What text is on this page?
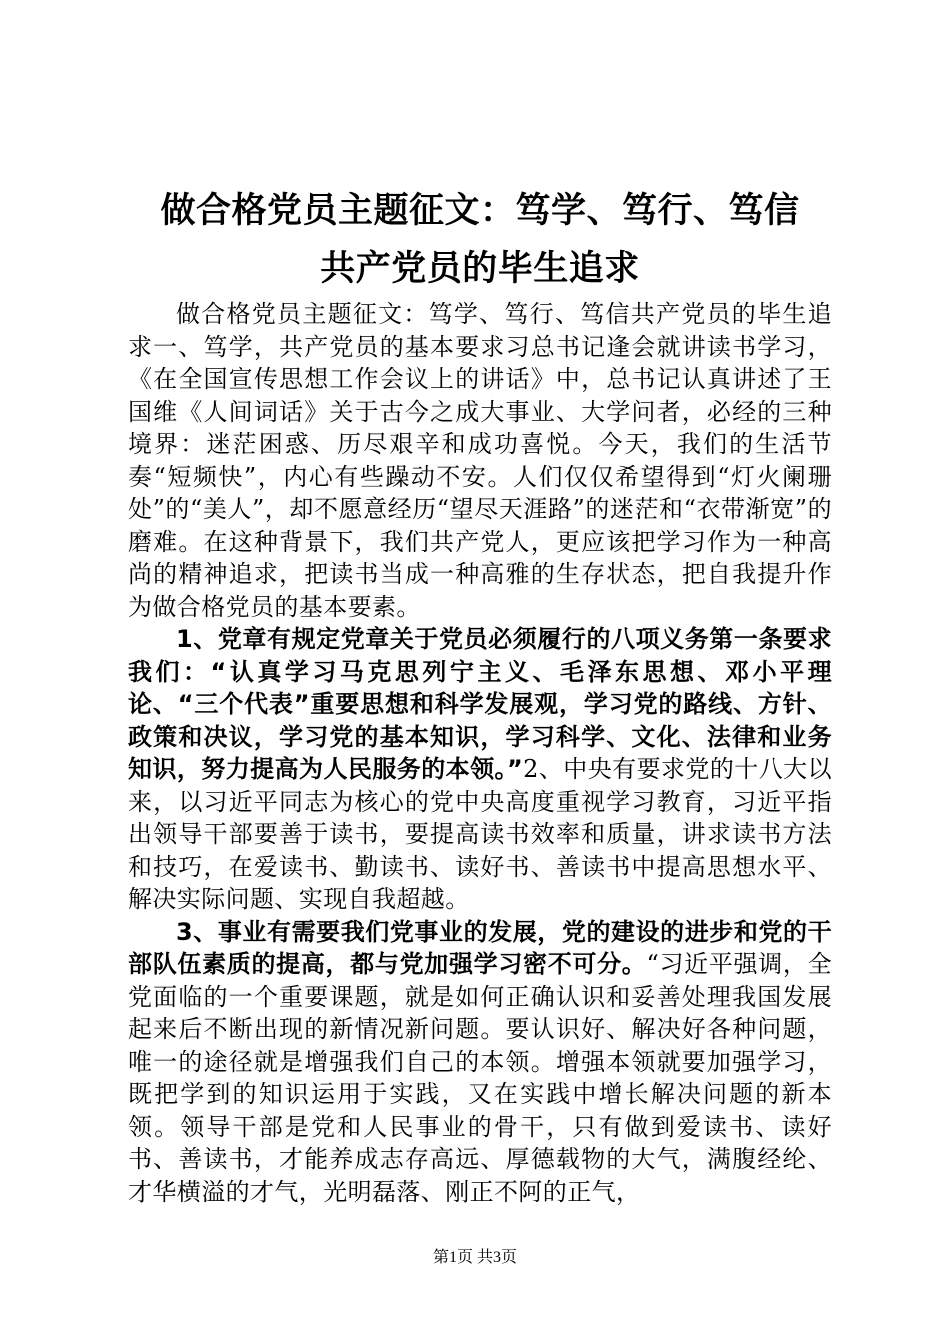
做合格党员主题征文：笃学、笃行、笃信　共产党员的毕生追求

做合格党员主题征文：笃学、笃行、笃信共产党员的毕生追求一、笃学，共产党员的基本要求习总书记逢会就讲读书学习，《在全国宣传思想工作会议上的讲话》中，总书记认真讲述了王国维《人间词话》关于古今之成大事业、大学问者，必经的三种境界：迷茫困惑、历尽艰辛和成功喜悦。今天，我们的生活节奏“短频快”，内心有些躁动不安。人们仅仅希望得到“灯火阑珊处”的“美人”，却不愿意经历“望尽天涯路”的迷茫和“衣带渐宽”的磨难。在这种背景下，我们共产党人，更应该把学习作为一种高尚的精神追求，把读书当成一种高雅的生存状态，把自我提升作为做合格党员的基本要素。

1、党章有规定党章关于党员必须履行的八项义务第一条要求我们：“认真学习马克思列宁主义、毛泽东思想、邓小平理论、“三个代表”重要思想和科学发展观，学习党的路线、方针、政策和决议，学习党的基本知识，学习科学、文化、法律和业务知识，努力提高为人民服务的本领。”2、中央有要求党的十八大以来，以习近平同志为核心的党中央高度重视学习教育，习近平指出领导干部要善于读书，要提高读书效率和质量，讲求读书方法和技巧，在爱读书、勤读书、读好书、善读书中提高思想水平、解决实际问题、实现自我超越。

3、事业有需要我们党事业的发展，党的建设的进步和党的干部队伍素质的提高，都与党加强学习密不可分。“习近平强调，全党面临的一个重要课题，就是如何正确认识和妥善处理我国发展起来后不断出现的新情况新问题。要认识好、解决好各种问题，唯一的途径就是增强我们自己的本领。增强本领就要加强学习，既把学到的知识运用于实践，又在实践中增长解决问题的新本领。领导干部是党和人民事业的骨干，只有做到爱读书、读好书、善读书，才能养成志存高远、厚德载物的大气，满腹经纶、才华横溢的才气，光明磊落、刚正不阿的正气，

第1页 共3页
